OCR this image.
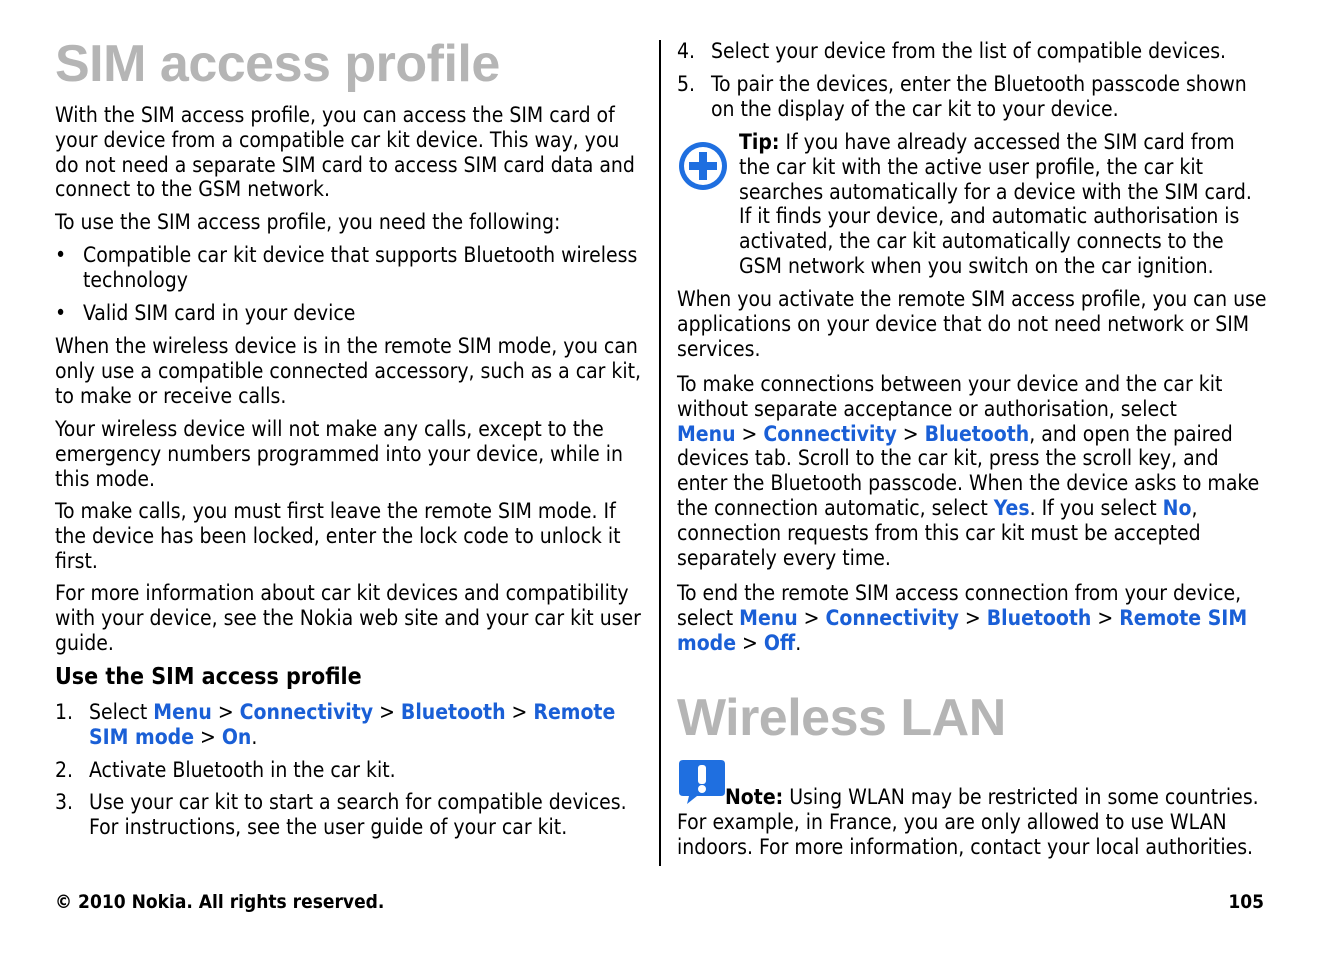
SIM access profile

With the SIM access profile, you can access the SIM card of your device from a compatible car kit device. This way, you do not need a separate SIM card to access SIM card data and connect to the GSM network.

To use the SIM access profile, you need the following:

• Compatible car kit device that supports Bluetooth wireless technology
• Valid SIM card in your device

When the wireless device is in the remote SIM mode, you can only use a compatible connected accessory, such as a car kit, to make or receive calls.

Your wireless device will not make any calls, except to the emergency numbers programmed into your device, while in this mode.

To make calls, you must first leave the remote SIM mode. If the device has been locked, enter the lock code to unlock it first.

For more information about car kit devices and compatibility with your device, see the Nokia web site and your car kit user guide.

Use the SIM access profile
1. Select Menu > Connectivity > Bluetooth > Remote
SIM mode > On.
2. Activate Bluetooth in the car kit.
3. Use your car kit to start a search for compatible devices. For instructions, see the user guide of your car kit.
4. Select your device from the list of compatible devices.
5. To pair the devices, enter the Bluetooth passcode shown on the display of the car kit to your device.

Tip: If you have already accessed the SIM card from the car kit with the active user profile, the car kit searches automatically for a device with the SIM card. If it finds your device, and automatic authorisation is activated, the car kit automatically connects to the GSM network when you switch on the car ignition.

When you activate the remote SIM access profile, you can use applications on your device that do not need network or SIM services.

To make connections between your device and the car kit without separate acceptance or authorisation, select Menu > Connectivity > Bluetooth, and open the paired devices tab. Scroll to the car kit, press the scroll key, and enter the Bluetooth passcode. When the device asks to make the connection automatic, select Yes. If you select No, connection requests from this car kit must be accepted separately every time.

To end the remote SIM access connection from your device, select Menu > Connectivity > Bluetooth > Remote SIM
mode > Off.

Wireless LAN

Note: Using WLAN may be restricted in some countries. For example, in France, you are only allowed to use WLAN indoors. For more information, contact your local authorities.

© 2010 Nokia. All rights reserved.	105
